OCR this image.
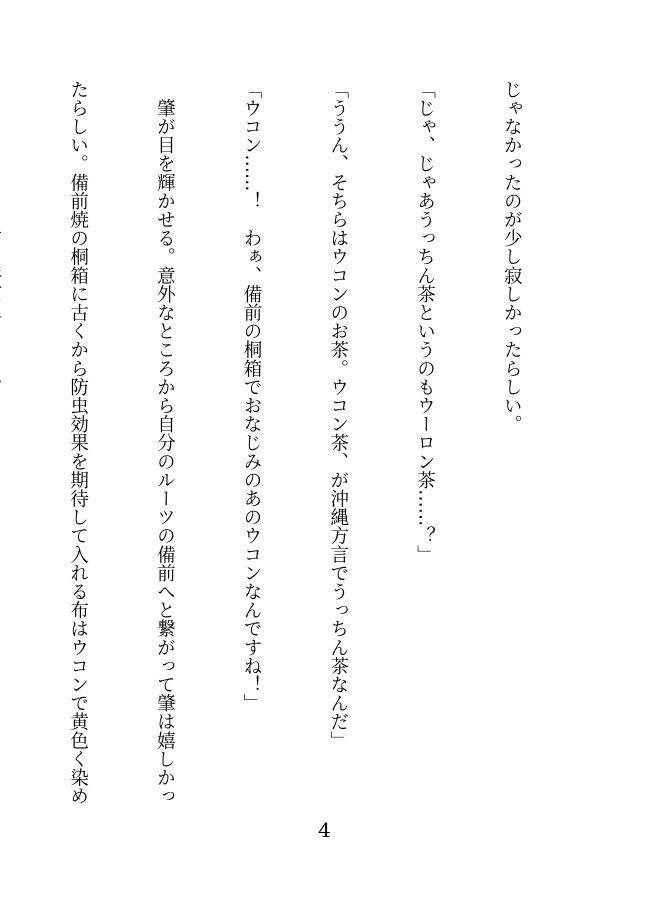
じゃなかったのが少し寂しかったらしい。

「じゃ、じゃあうっちん茶というのもウーロン茶……？」

「ううん、そちらはウコンのお茶。ウコン茶、が沖縄方言でうっちん茶なんだ」

「ウコン……！　わぁ、備前の桐箱でおなじみのあのウコンなんですね！」

　肇が目を輝かせる。意外なところから自分のルーツの備前へと繋がって肇は嬉しかっ

たらしい。備前焼の桐箱に古くから防虫効果を期待して入れる布はウコンで黄色く染め

4
